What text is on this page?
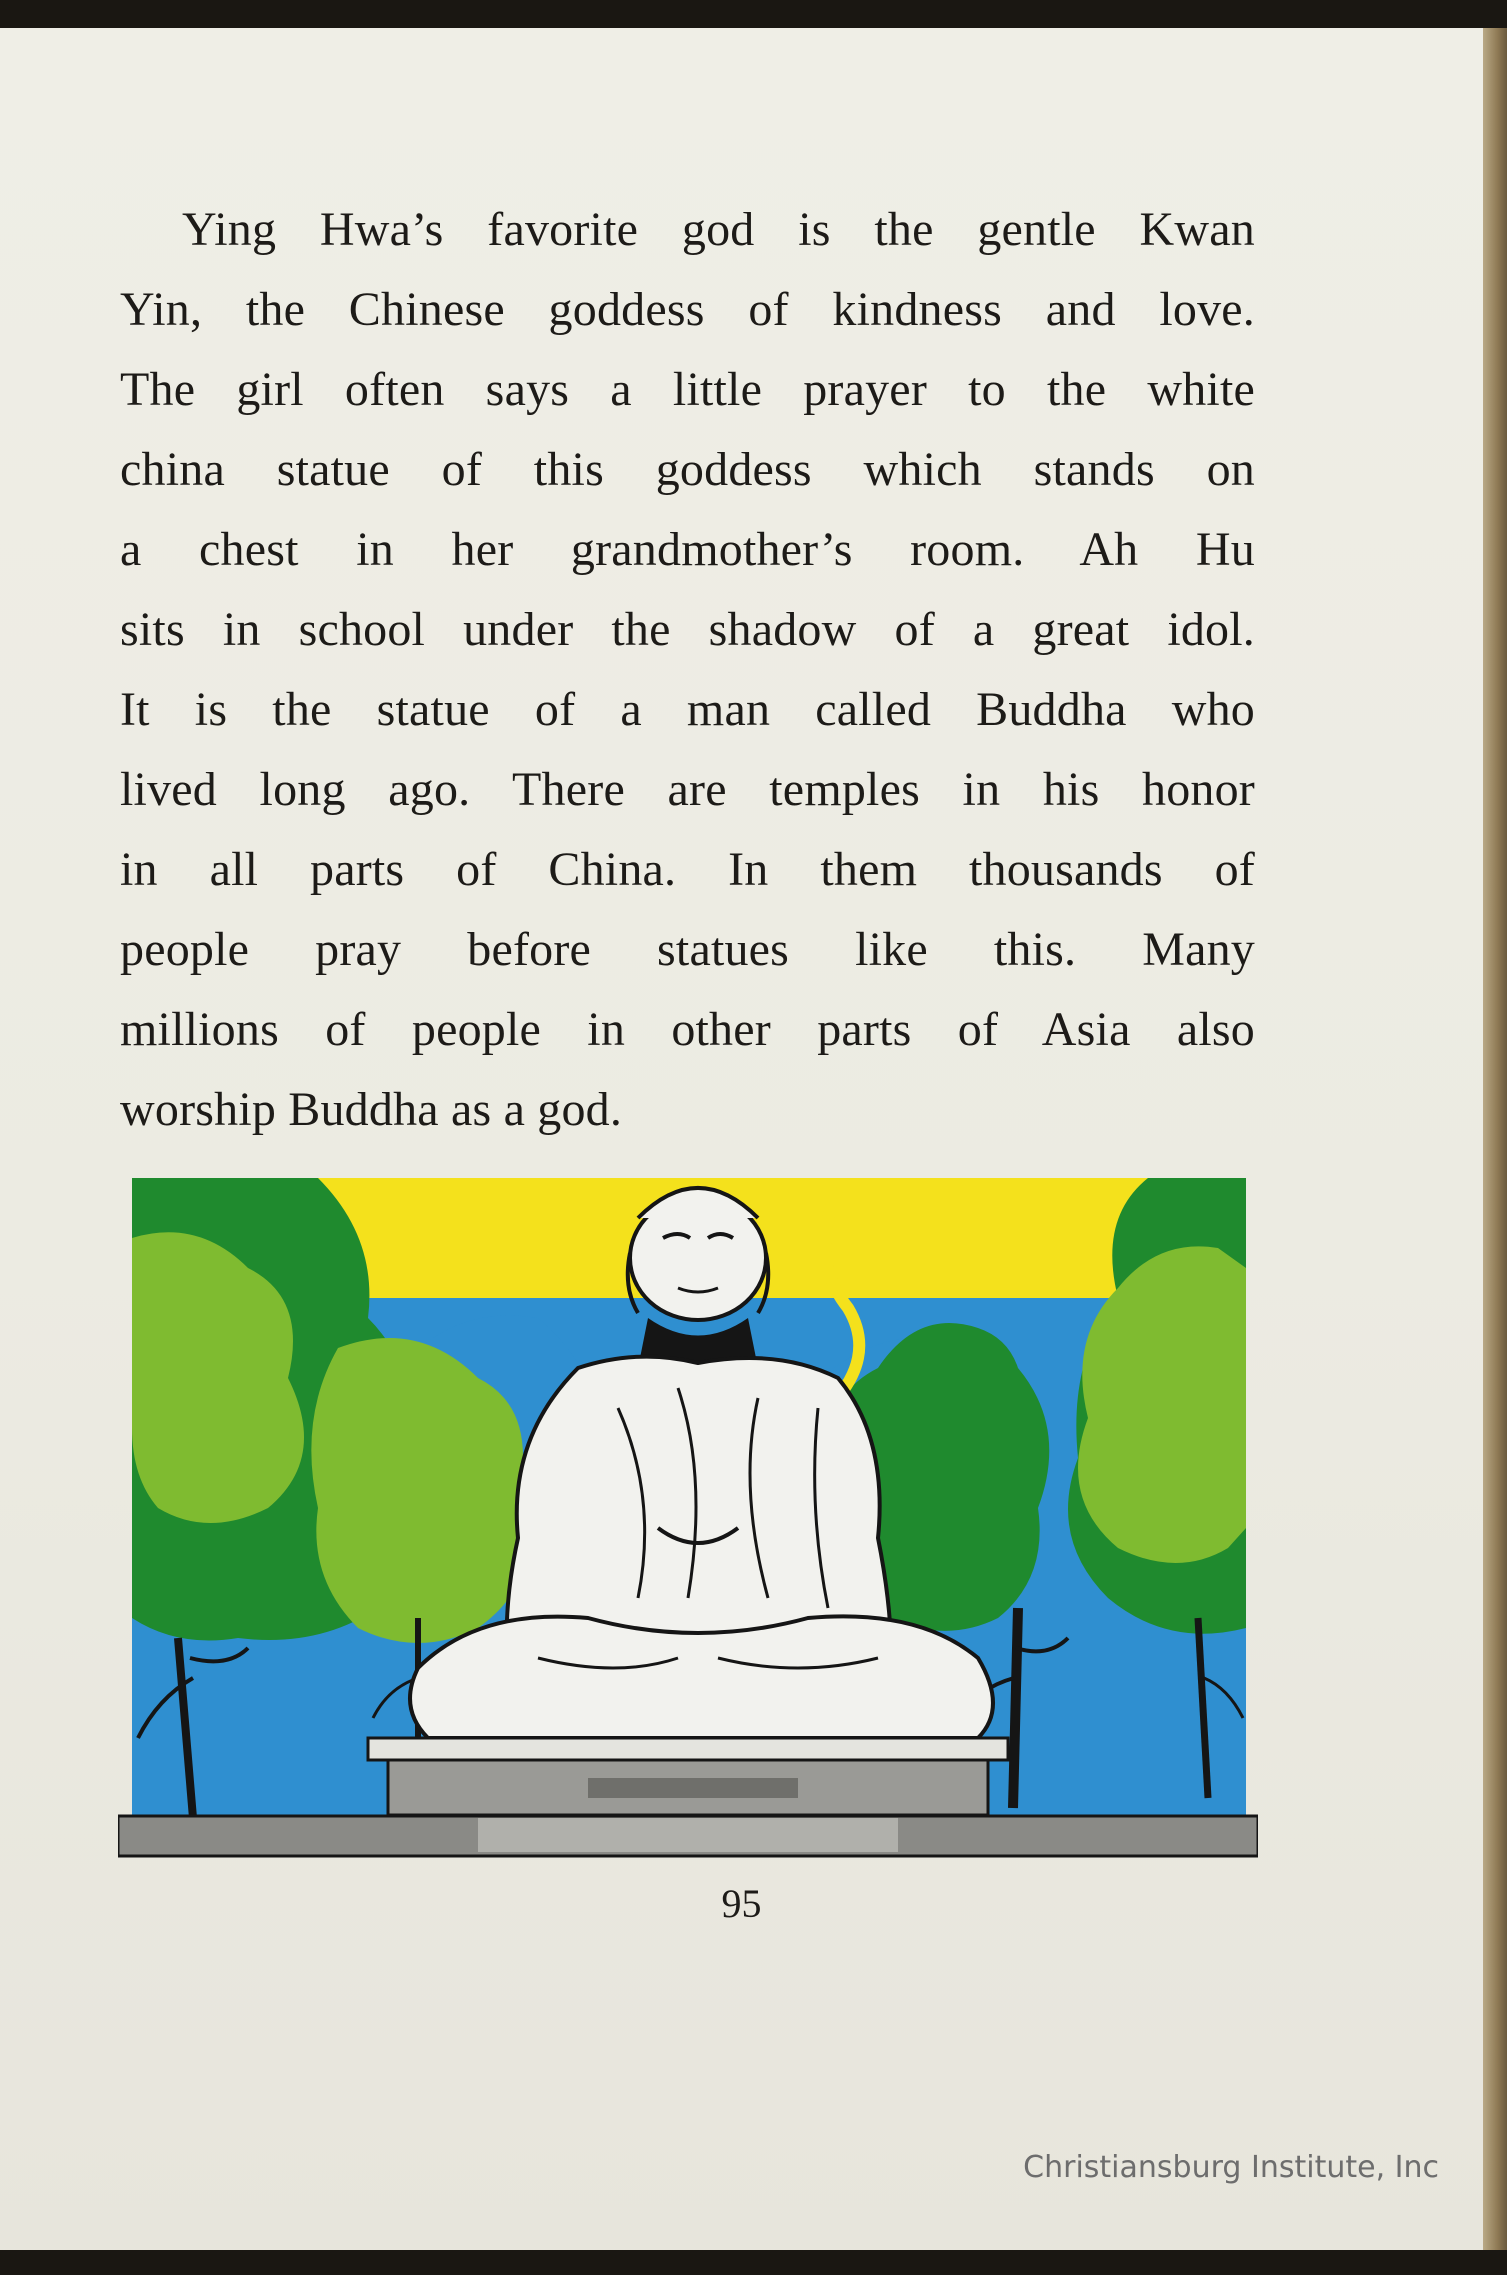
Ying Hwa’s favorite god is the gentle Kwan
Yin, the Chinese goddess of kindness and love.
The girl often says a little prayer to the white
china statue of this goddess which stands on
a chest in her grandmother’s room. Ah Hu
sits in school under the shadow of a great idol.
It is the statue of a man called Buddha who
lived long ago. There are temples in his honor
in all parts of China. In them thousands of
people pray before statues like this. Many
millions of people in other parts of Asia also
worship Buddha as a god.
95
Christiansburg Institute, Inc
